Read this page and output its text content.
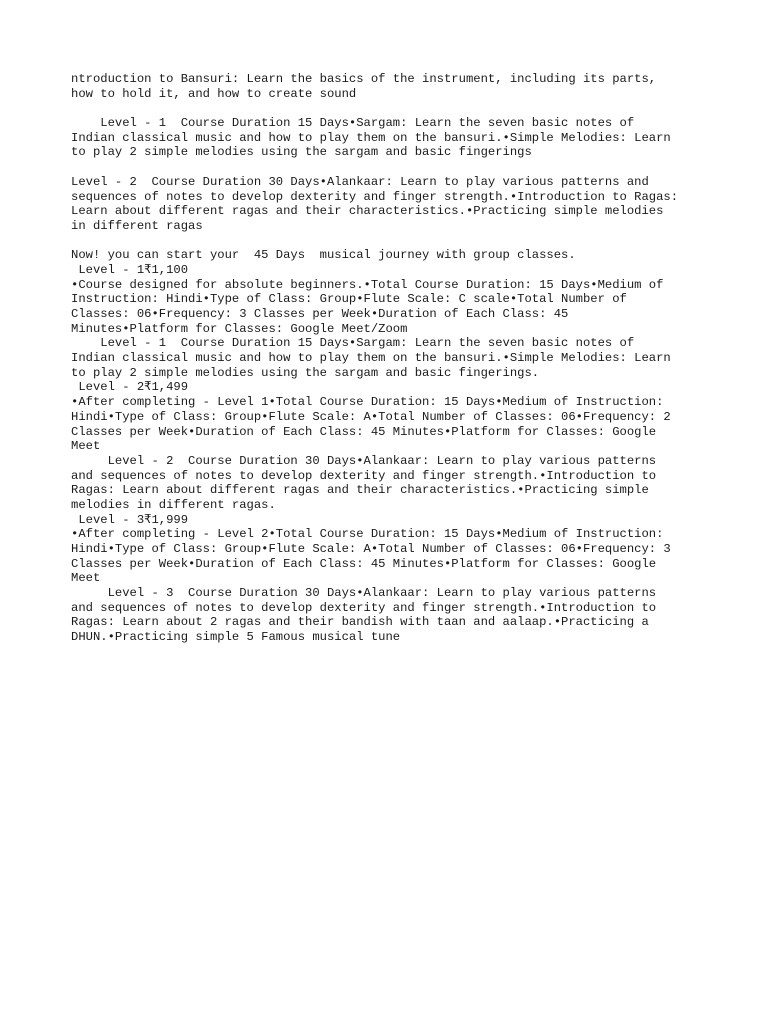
ntroduction to Bansuri: Learn the basics of the instrument, including its parts,
how to hold it, and how to create sound
Level - 1  Course Duration 15 Days•Sargam: Learn the seven basic notes of
Indian classical music and how to play them on the bansuri.•Simple Melodies: Learn
to play 2 simple melodies using the sargam and basic fingerings
Level - 2  Course Duration 30 Days•Alankaar: Learn to play various patterns and
sequences of notes to develop dexterity and finger strength.•Introduction to Ragas:
Learn about different ragas and their characteristics.•Practicing simple melodies
in different ragas
Now! you can start your  45 Days  musical journey with group classes.
Level - 1₹1,100
•Course designed for absolute beginners.•Total Course Duration: 15 Days•Medium of
Instruction: Hindi•Type of Class: Group•Flute Scale: C scale•Total Number of
Classes: 06•Frequency: 3 Classes per Week•Duration of Each Class: 45
Minutes•Platform for Classes: Google Meet/Zoom
Level - 1  Course Duration 15 Days•Sargam: Learn the seven basic notes of
Indian classical music and how to play them on the bansuri.•Simple Melodies: Learn
to play 2 simple melodies using the sargam and basic fingerings.
Level - 2₹1,499
•After completing - Level 1•Total Course Duration: 15 Days•Medium of Instruction:
Hindi•Type of Class: Group•Flute Scale: A•Total Number of Classes: 06•Frequency: 2
Classes per Week•Duration of Each Class: 45 Minutes•Platform for Classes: Google
Meet
Level - 2  Course Duration 30 Days•Alankaar: Learn to play various patterns
and sequences of notes to develop dexterity and finger strength.•Introduction to
Ragas: Learn about different ragas and their characteristics.•Practicing simple
melodies in different ragas.
Level - 3₹1,999
•After completing - Level 2•Total Course Duration: 15 Days•Medium of Instruction:
Hindi•Type of Class: Group•Flute Scale: A•Total Number of Classes: 06•Frequency: 3
Classes per Week•Duration of Each Class: 45 Minutes•Platform for Classes: Google
Meet
Level - 3  Course Duration 30 Days•Alankaar: Learn to play various patterns
and sequences of notes to develop dexterity and finger strength.•Introduction to
Ragas: Learn about 2 ragas and their bandish with taan and aalaap.•Practicing a
DHUN.•Practicing simple 5 Famous musical tune
